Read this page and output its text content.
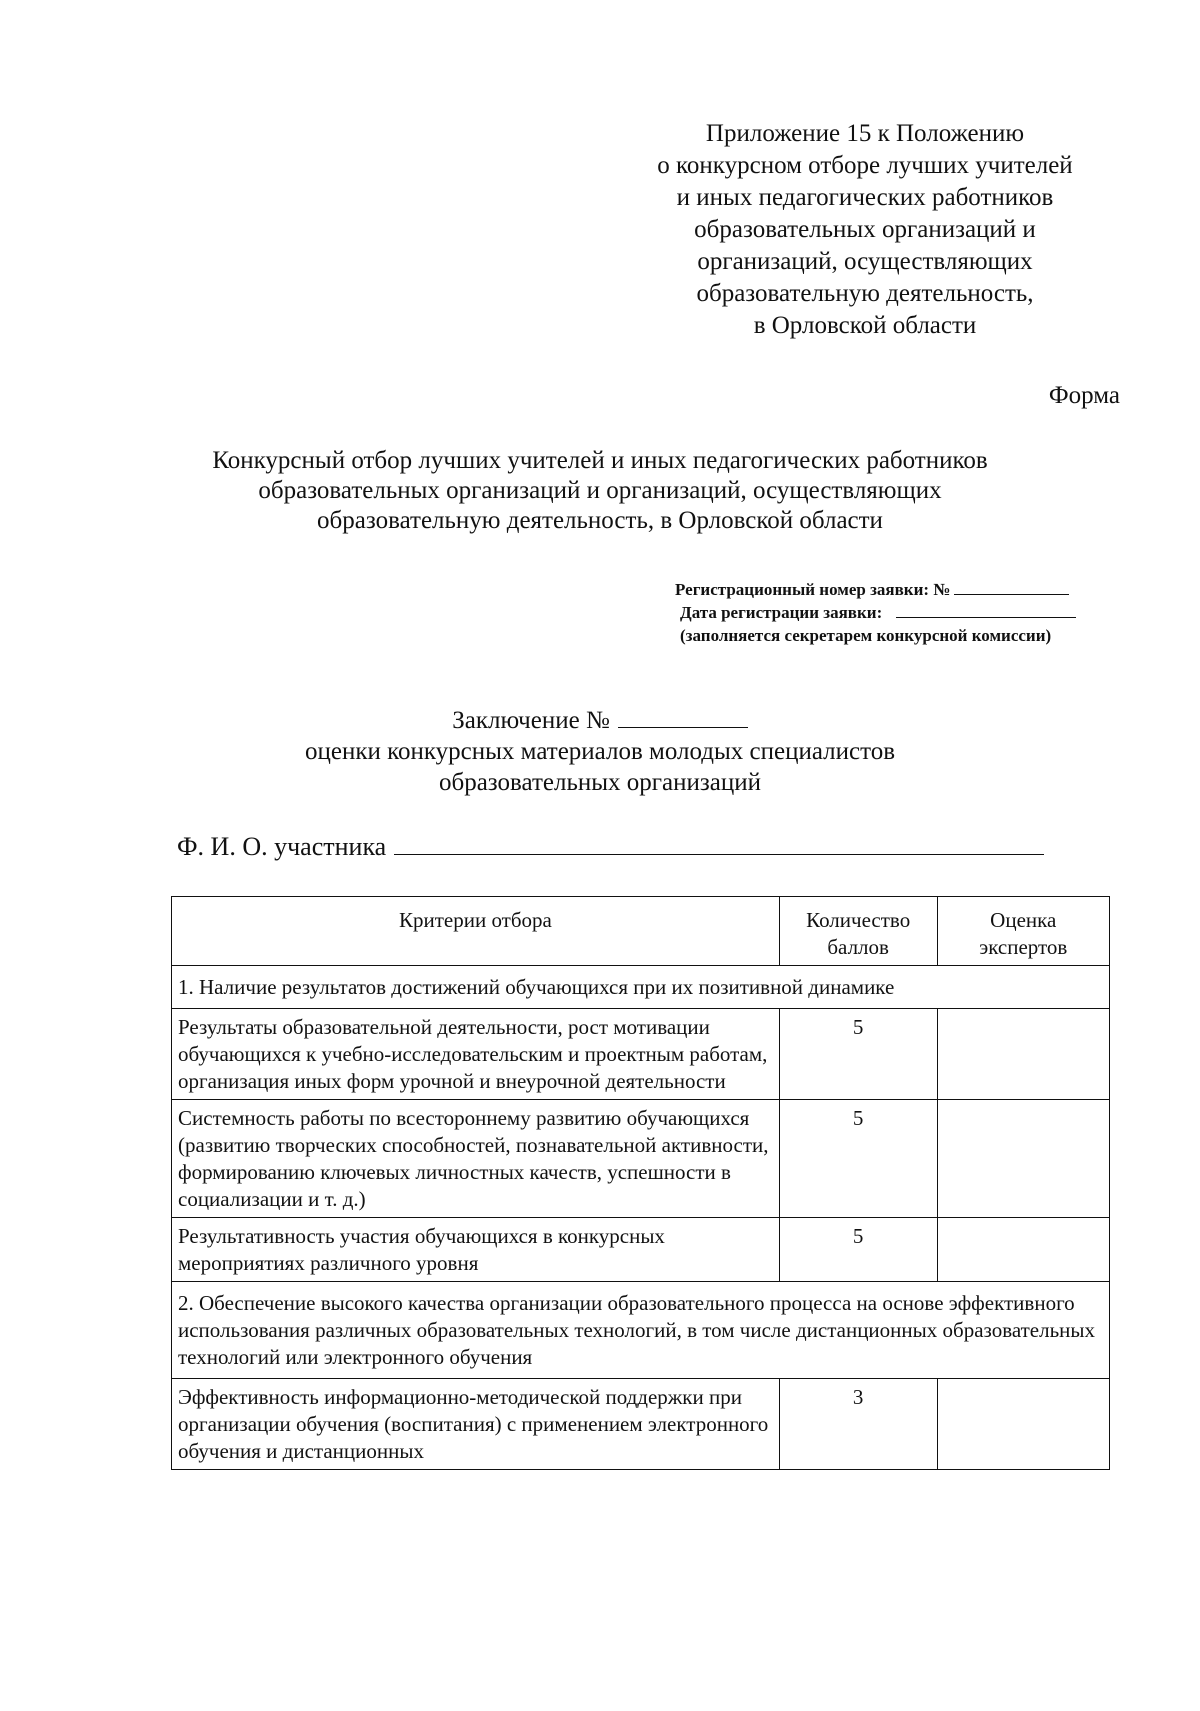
Приложение 15 к Положению
о конкурсном отборе лучших учителей
и иных педагогических работников
образовательных организаций и
организаций, осуществляющих
образовательную деятельность,
в Орловской области
Форма
Конкурсный отбор лучших учителей и иных педагогических работников
образовательных организаций и организаций, осуществляющих
образовательную деятельность, в Орловской области
Регистрационный номер заявки: №
Дата регистрации заявки:
(заполняется секретарем конкурсной комиссии)
Заключение №
оценки конкурсных материалов молодых специалистов
образовательных организаций
Ф. И. О. участника
Критерии отбора	Количество баллов	Оценка экспертов
1. Наличие результатов достижений обучающихся при их позитивной динамике		
Результаты образовательной деятельности, рост мотивации обучающихся к учебно-исследовательским и проектным работам, организация иных форм урочной и внеурочной деятельности	5	
Системность работы по всестороннему развитию обучающихся (развитию творческих способностей, познавательной активности, формированию ключевых личностных качеств, успешности в социализации и т. д.)	5	
Результативность участия обучающихся в конкурсных мероприятиях различного уровня	5	
2. Обеспечение высокого качества организации образовательного процесса на основе эффективного использования различных образовательных технологий, в том числе дистанционных образовательных технологий или электронного обучения		
Эффективность информационно-методической поддержки при организации обучения (воспитания) с применением электронного обучения и дистанционных	3	
